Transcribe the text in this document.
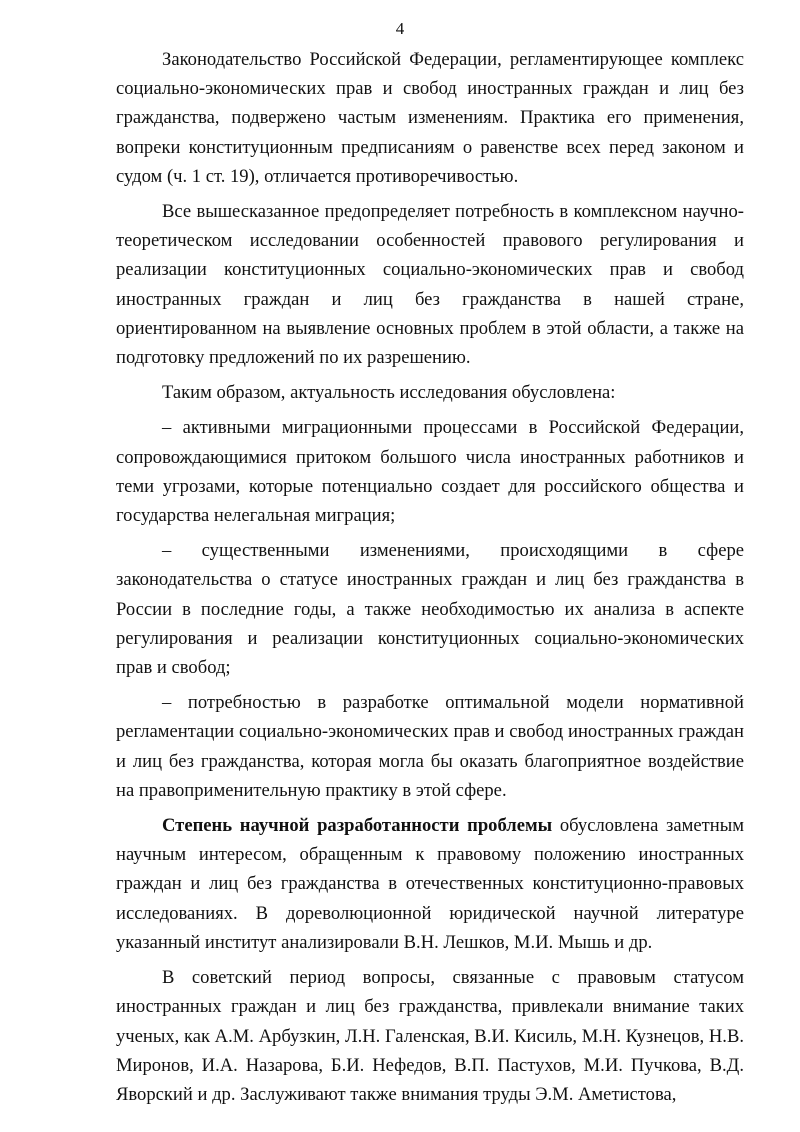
4

Законодательство Российской Федерации, регламентирующее комплекс социально-экономических прав и свобод иностранных граждан и лиц без гражданства, подвержено частым изменениям. Практика его применения, вопреки конституционным предписаниям о равенстве всех перед законом и судом (ч. 1 ст. 19), отличается противоречивостью.

Все вышесказанное предопределяет потребность в комплексном научно-теоретическом исследовании особенностей правового регулирования и реализации конституционных социально-экономических прав и свобод иностранных граждан и лиц без гражданства в нашей стране, ориентированном на выявление основных проблем в этой области, а также на подготовку предложений по их разрешению.

Таким образом, актуальность исследования обусловлена:

– активными миграционными процессами в Российской Федерации, сопровождающимися притоком большого числа иностранных работников и теми угрозами, которые потенциально создает для российского общества и государства нелегальная миграция;

– существенными изменениями, происходящими в сфере законодательства о статусе иностранных граждан и лиц без гражданства в России в последние годы, а также необходимостью их анализа в аспекте регулирования и реализации конституционных социально-экономических прав и свобод;

– потребностью в разработке оптимальной модели нормативной регламентации социально-экономических прав и свобод иностранных граждан и лиц без гражданства, которая могла бы оказать благоприятное воздействие на правоприменительную практику в этой сфере.

Степень научной разработанности проблемы обусловлена заметным научным интересом, обращенным к правовому положению иностранных граждан и лиц без гражданства в отечественных конституционно-правовых исследованиях. В дореволюционной юридической научной литературе указанный институт анализировали В.Н. Лешков, М.И. Мышь и др.

В советский период вопросы, связанные с правовым статусом иностранных граждан и лиц без гражданства, привлекали внимание таких ученых, как А.М. Арбузкин, Л.Н. Галенская, В.И. Кисиль, М.Н. Кузнецов, Н.В. Миронов, И.А. Назарова, Б.И. Нефедов, В.П. Пастухов, М.И. Пучкова, В.Д. Яворский и др. Заслуживают также внимания труды Э.М. Аметистова,
